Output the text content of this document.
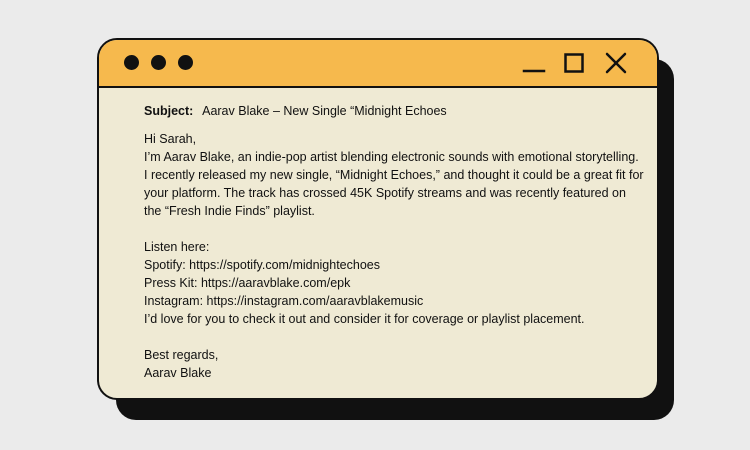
Subject: Aarav Blake – New Single “Midnight Echoes

Hi Sarah,

I’m Aarav Blake, an indie-pop artist blending electronic sounds with emotional storytelling. I recently released my new single, “Midnight Echoes,” and thought it could be a great fit for your platform. The track has crossed 45K Spotify streams and was recently featured on the “Fresh Indie Finds” playlist.

Listen here:

Spotify: https://spotify.com/midnightechoes

Press Kit: https://aaravblake.com/epk

Instagram: https://instagram.com/aaravblakemusic

I’d love for you to check it out and consider it for coverage or playlist placement.

Best regards,

Aarav Blake
